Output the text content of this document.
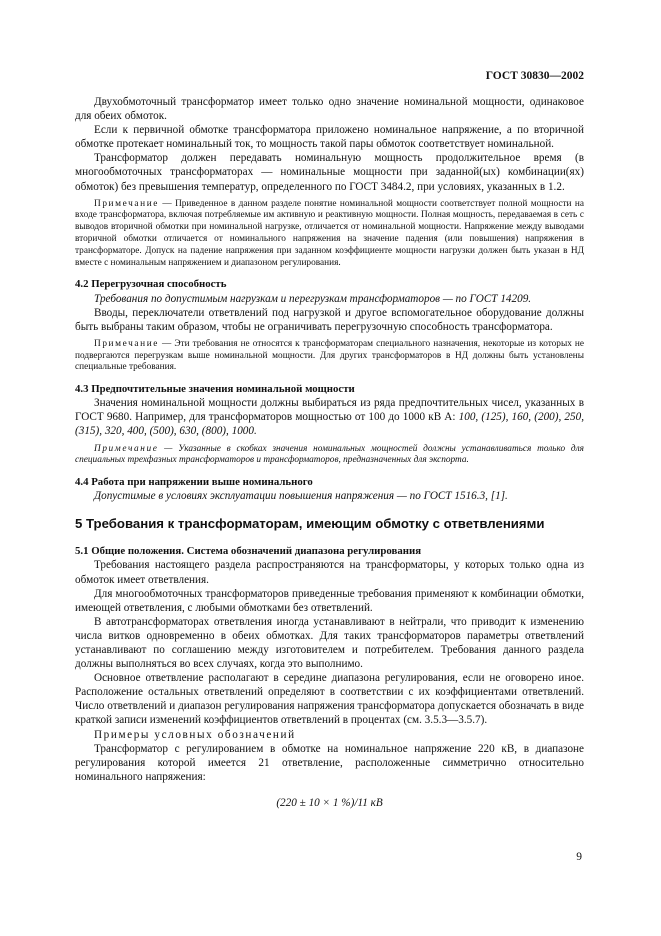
ГОСТ 30830—2002

Двухобмоточный трансформатор имеет только одно значение номинальной мощности, одинаковое для обеих обмоток.

Если к первичной обмотке трансформатора приложено номинальное напряжение, а по вторичной обмотке протекает номинальный ток, то мощность такой пары обмоток соответствует номинальной.

Трансформатор должен передавать номинальную мощность продолжительное время (в многообмоточных трансформаторах — номинальные мощности при заданной(ых) комбинации(ях) обмоток) без превышения температур, определенного по ГОСТ 3484.2, при условиях, указанных в 1.2.

Примечание — Приведенное в данном разделе понятие номинальной мощности соответствует полной мощности на входе трансформатора, включая потребляемые им активную и реактивную мощности. Полная мощность, передаваемая в сеть с выводов вторичной обмотки при номинальной нагрузке, отличается от номинальной мощности. Напряжение между выводами вторичной обмотки отличается от номинального напряжения на значение падения (или повышения) напряжения в трансформаторе. Допуск на падение напряжения при заданном коэффициенте мощности нагрузки должен быть указан в НД вместе с номинальным напряжением и диапазоном регулирования.

4.2 Перегрузочная способность

Требования по допустимым нагрузкам и перегрузкам трансформаторов — по ГОСТ 14209.

Вводы, переключатели ответвлений под нагрузкой и другое вспомогательное оборудование должны быть выбраны таким образом, чтобы не ограничивать перегрузочную способность трансформатора.

Примечание — Эти требования не относятся к трансформаторам специального назначения, некоторые из которых не подвергаются перегрузкам выше номинальной мощности. Для других трансформаторов в НД должны быть установлены специальные требования.

4.3 Предпочтительные значения номинальной мощности

Значения номинальной мощности должны выбираться из ряда предпочтительных чисел, указанных в ГОСТ 9680. Например, для трансформаторов мощностью от 100 до 1000 кВ А: 100, (125), 160, (200), 250, (315), 320, 400, (500), 630, (800), 1000.

Примечание — Указанные в скобках значения номинальных мощностей должны устанавливаться только для специальных трехфазных трансформаторов и трансформаторов, предназначенных для экспорта.

4.4 Работа при напряжении выше номинального

Допустимые в условиях эксплуатации повышения напряжения — по ГОСТ 1516.3, [1].

5 Требования к трансформаторам, имеющим обмотку с ответвлениями

5.1 Общие положения. Система обозначений диапазона регулирования

Требования настоящего раздела распространяются на трансформаторы, у которых только одна из обмоток имеет ответвления.

Для многообмоточных трансформаторов приведенные требования применяют к комбинации обмотки, имеющей ответвления, с любыми обмотками без ответвлений.

В автотрансформаторах ответвления иногда устанавливают в нейтрали, что приводит к изменению числа витков одновременно в обеих обмотках. Для таких трансформаторов параметры ответвлений устанавливают по соглашению между изготовителем и потребителем. Требования данного раздела должны выполняться во всех случаях, когда это выполнимо.

Основное ответвление располагают в середине диапазона регулирования, если не оговорено иное. Расположение остальных ответвлений определяют в соответствии с их коэффициентами ответвлений. Число ответвлений и диапазон регулирования напряжения трансформатора допускается обозначать в виде краткой записи изменений коэффициентов ответвлений в процентах (см. 3.5.3—3.5.7).

Примеры условных обозначений

Трансформатор с регулированием в обмотке на номинальное напряжение 220 кВ, в диапазоне регулирования которой имеется 21 ответвление, расположенные симметрично относительно номинального напряжения:

(220 ± 10 × 1 %)/11 кВ

9
